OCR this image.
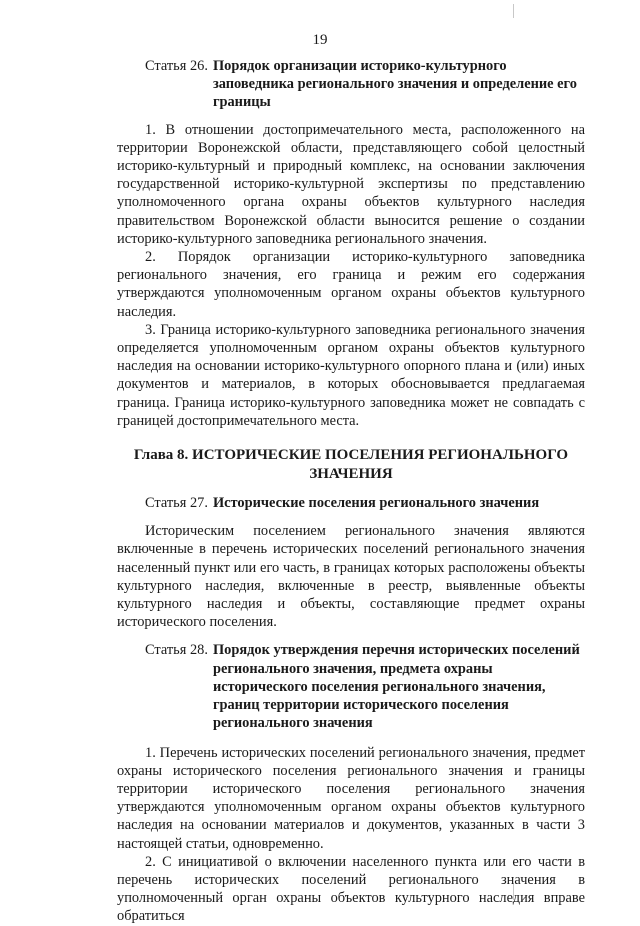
19
Статья 26. Порядок организации историко-культурного заповедника регионального значения и определение его границы

1. В отношении достопримечательного места, расположенного на территории Воронежской области, представляющего собой целостный историко-культурный и природный комплекс, на основании заключения государственной историко-культурной экспертизы по представлению уполномоченного органа охраны объектов культурного наследия правительством Воронежской области выносится решение о создании историко-культурного заповедника регионального значения.

2. Порядок организации историко-культурного заповедника регионального значения, его граница и режим его содержания утверждаются уполномоченным органом охраны объектов культурного наследия.

3. Граница историко-культурного заповедника регионального значения определяется уполномоченным органом охраны объектов культурного наследия на основании историко-культурного опорного плана и (или) иных документов и материалов, в которых обосновывается предлагаемая граница. Граница историко-культурного заповедника может не совпадать с границей достопримечательного места.

Глава 8. ИСТОРИЧЕСКИЕ ПОСЕЛЕНИЯ РЕГИОНАЛЬНОГО ЗНАЧЕНИЯ
Статья 27. Исторические поселения регионального значения

Историческим поселением регионального значения являются включенные в перечень исторических поселений регионального значения населенный пункт или его часть, в границах которых расположены объекты культурного наследия, включенные в реестр, выявленные объекты культурного наследия и объекты, составляющие предмет охраны исторического поселения.

Статья 28. Порядок утверждения перечня исторических поселений регионального значения, предмета охраны исторического поселения регионального значения, границ территории исторического поселения регионального значения

1. Перечень исторических поселений регионального значения, предмет охраны исторического поселения регионального значения и границы территории исторического поселения регионального значения утверждаются уполномоченным органом охраны объектов культурного наследия на основании материалов и документов, указанных в части 3 настоящей статьи, одновременно.

2. С инициативой о включении населенного пункта или его части в перечень исторических поселений регионального значения в уполномоченный орган охраны объектов культурного наследия вправе обратиться
